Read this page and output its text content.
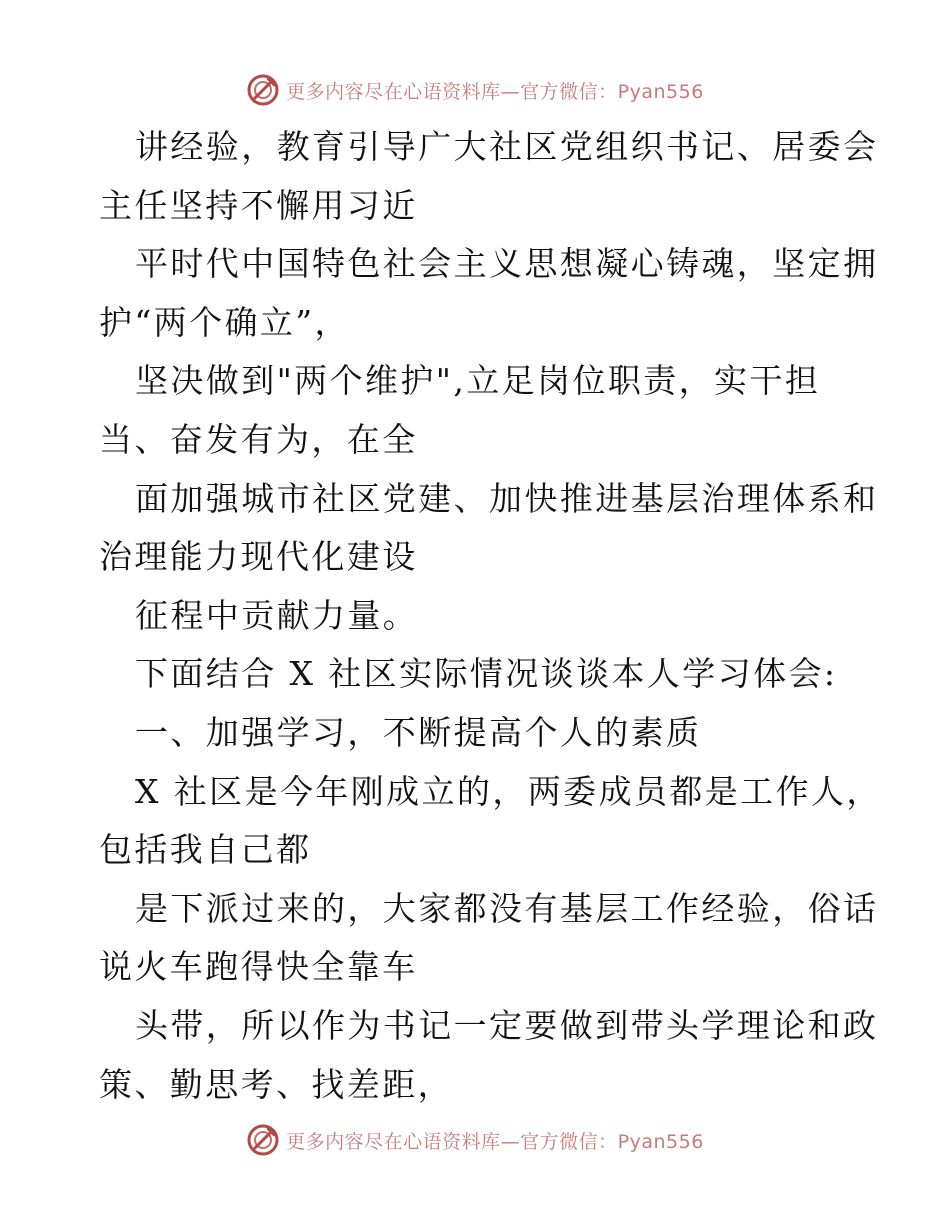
更多内容尽在心语资料库—官方微信：Pyan556
讲经验，教育引导广大社区党组织书记、居委会
主任坚持不懈用习近
平时代中国特色社会主义思想凝心铸魂，坚定拥
护“两个确立”，
坚决做到"两个维护",立足岗位职责，实干担
当、奋发有为，在全
面加强城市社区党建、加快推进基层治理体系和
治理能力现代化建设
征程中贡献力量。
下面结合 X 社区实际情况谈谈本人学习体会:
一、加强学习，不断提高个人的素质
X 社区是今年刚成立的，两委成员都是工作人，
包括我自己都
是下派过来的，大家都没有基层工作经验，俗话
说火车跑得快全靠车
头带，所以作为书记一定要做到带头学理论和政
策、勤思考、找差距，
更多内容尽在心语资料库—官方微信：Pyan556
